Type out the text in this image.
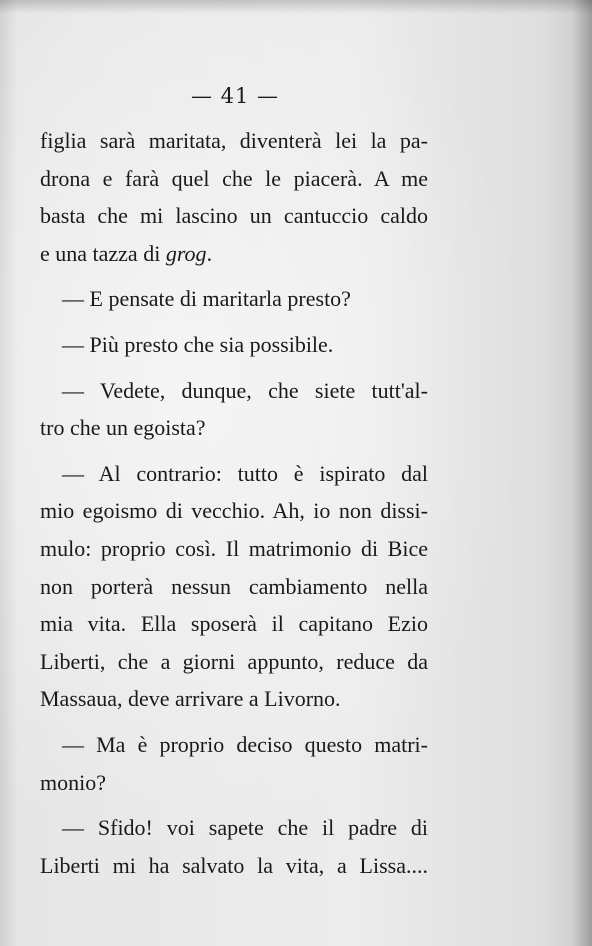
— 41 —
figlia sarà maritata, diventerà lei la pa-
drona e farà quel che le piacerà. A me
basta che mi lascino un cantuccio caldo
e una tazza di grog.
— E pensate di maritarla presto?
— Più presto che sia possibile.
— Vedete, dunque, che siete tutt'al-
tro che un egoista?
— Al contrario: tutto è ispirato dal
mio egoismo di vecchio. Ah, io non dissi-
mulo: proprio così. Il matrimonio di Bice
non porterà nessun cambiamento nella
mia vita. Ella sposerà il capitano Ezio
Liberti, che a giorni appunto, reduce da
Massaua, deve arrivare a Livorno.
— Ma è proprio deciso questo matri-
monio?
— Sfido! voi sapete che il padre di
Liberti mi ha salvato la vita, a Lissa....
